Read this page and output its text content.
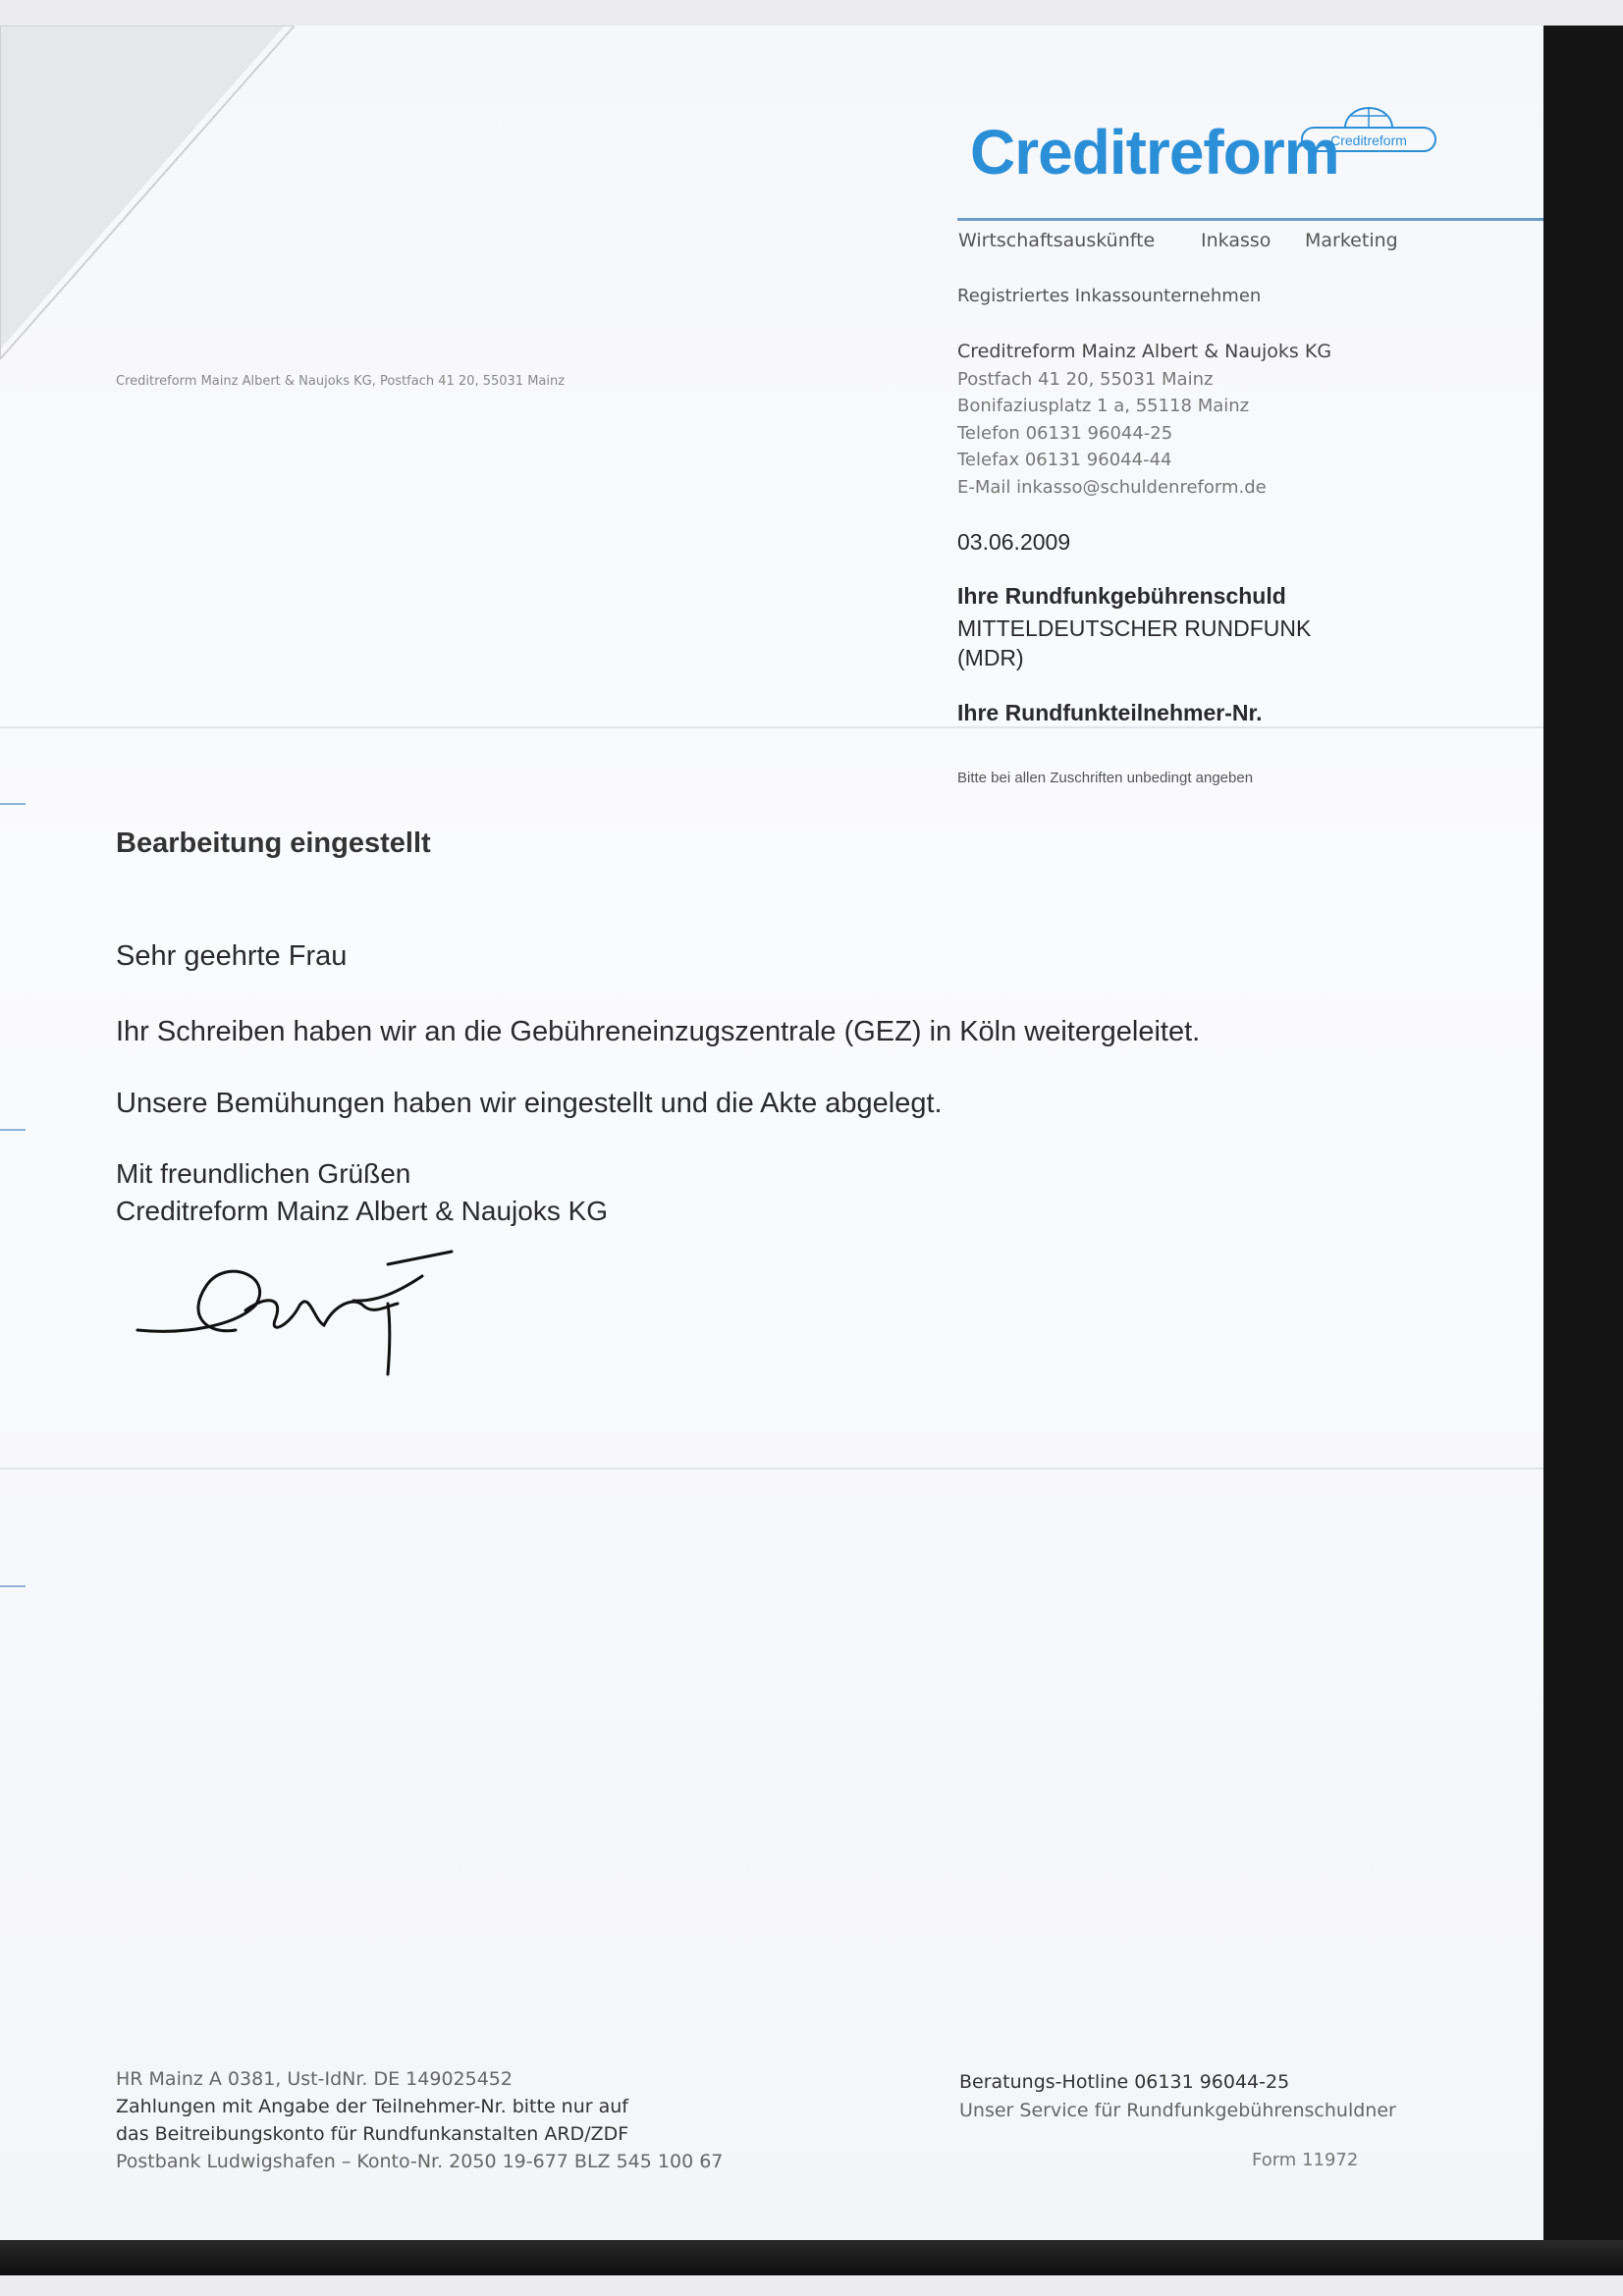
Creditreform
Creditreform

Wirtschaftsauskünfte Inkasso Marketing

Registriertes Inkassounternehmen

Creditreform Mainz Albert & Naujoks KG
Postfach 41 20, 55031 Mainz
Bonifaziusplatz 1 a, 55118 Mainz
Telefon 06131 96044-25
Telefax 06131 96044-44
E-Mail inkasso@schuldenreform.de

Creditreform Mainz Albert & Naujoks KG, Postfach 41 20, 55031 Mainz

03.06.2009

Ihre Rundfunkgebührenschuld

MITTELDEUTSCHER RUNDFUNK

(MDR)

Ihre Rundfunkteilnehmer-Nr.

Bitte bei allen Zuschriften unbedingt angeben

Bearbeitung eingestellt

Sehr geehrte Frau

Ihr Schreiben haben wir an die Gebühreneinzugszentrale (GEZ) in Köln weitergeleitet.

Unsere Bemühungen haben wir eingestellt und die Akte abgelegt.

Mit freundlichen Grüßen

Creditreform Mainz Albert & Naujoks KG

HR Mainz A 0381, Ust-IdNr. DE 149025452
Zahlungen mit Angabe der Teilnehmer-Nr. bitte nur auf
das Beitreibungskonto für Rundfunkanstalten ARD/ZDF
Postbank Ludwigshafen – Konto-Nr. 2050 19-677 BLZ 545 100 67

Beratungs-Hotline 06131 96044-25

Unser Service für Rundfunkgebührenschuldner

Form 11972
